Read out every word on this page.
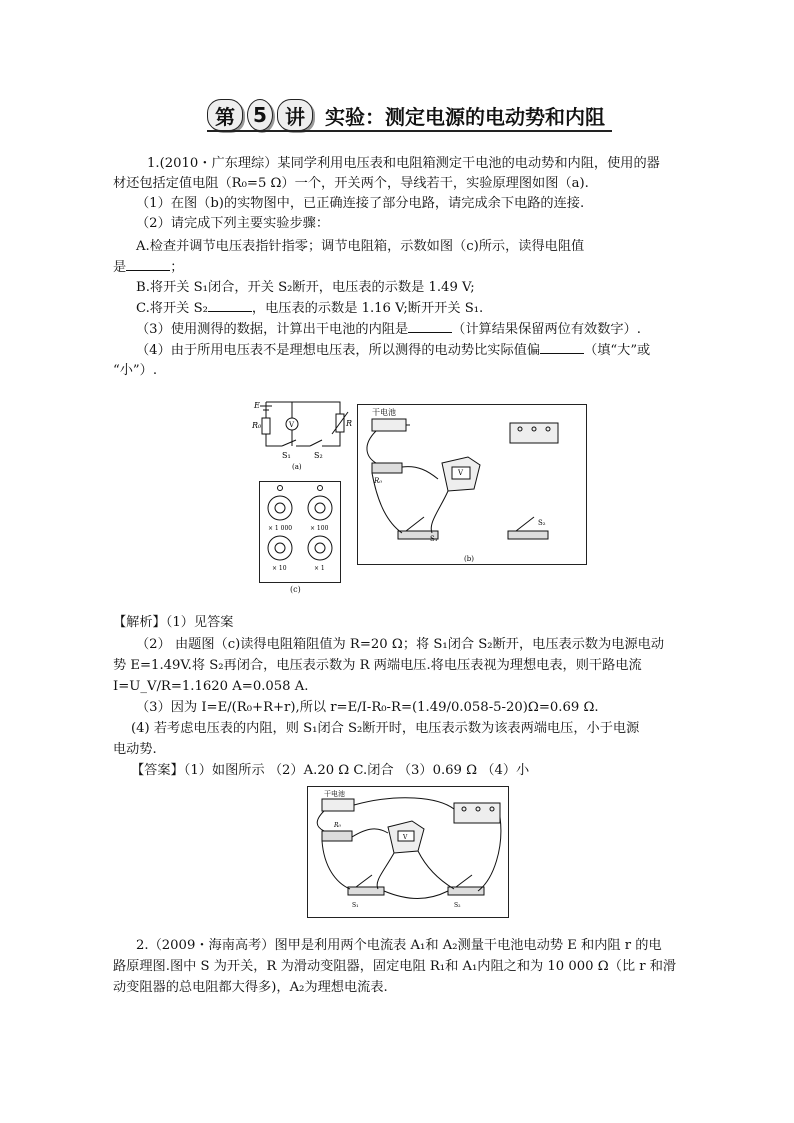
第 5 讲	实验：测定电源的电动势和内阻
1.(2010・广东理综）某同学利用电压表和电阻箱测定干电池的电动势和内阻，使用的器
材还包括定值电阻（R₀=5 Ω）一个，开关两个，导线若干，实验原理图如图（a).
（1）在图（b)的实物图中，已正确连接了部分电路，请完成余下电路的连接.
（2）请完成下列主要实验步骤：
A.检查并调节电压表指针指零；调节电阻箱，示数如图（c)所示，读得电阻值
是	；
B.将开关 S₁闭合，开关 S₂断开，电压表的示数是 1.49 V;
C.将开关 S₂	，电压表的示数是 1.16 V;断开开关 S₁.
（3）使用测得的数据，计算出干电池的内阻是	（计算结果保留两位有效数字）.
（4）由于所用电压表不是理想电压表，所以测得的电动势比实际值偏	（填“大”或
“小”）.
E
R₀	V	R
S₁	S₂
(a)
干电池
R₀
V
S₁
S₂
(b)
× 1 000	× 100
× 10	× 1
(c)
【解析】（1）见答案
（2） 由题图（c)读得电阻箱阻值为 R=20 Ω；将 S₁闭合 S₂断开，电压表示数为电源电动
势 E=1.49V.将 S₂再闭合，电压表示数为 R 两端电压.将电压表视为理想电表，则干路电流
I=U_V/R=1.1620 A=0.058 A.
（3）因为 I=E/(R₀+R+r),所以 r=E/I-R₀-R=(1.49/0.058-5-20)Ω=0.69 Ω.
(4) 若考虑电压表的内阻，则 S₁闭合 S₂断开时，电压表示数为该表两端电压，小于电源
电动势.
【答案】（1）如图所示 （2）A.20 Ω C.闭合 （3）0.69 Ω （4）小
干电池
R₀
V
S₁	S₂
2.（2009・海南高考）图甲是利用两个电流表 A₁和 A₂测量干电池电动势 E 和内阻 r 的电
路原理图.图中 S 为开关，R 为滑动变阻器，固定电阻 R₁和 A₁内阻之和为 10 000 Ω（比 r 和滑
动变阻器的总电阻都大得多)，A₂为理想电流表.
